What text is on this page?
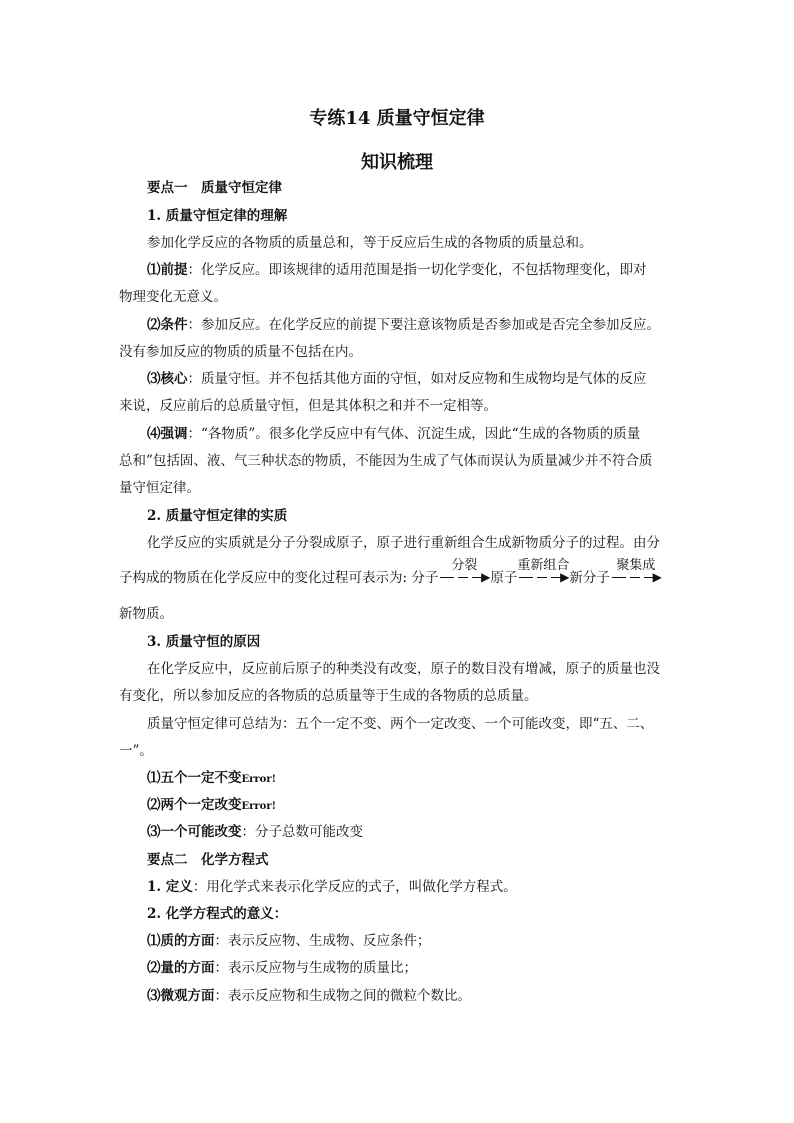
专练14 质量守恒定律
知识梳理
要点一　质量守恒定律
1. 质量守恒定律的理解
参加化学反应的各物质的质量总和，等于反应后生成的各物质的质量总和。
⑴前提：化学反应。即该规律的适用范围是指一切化学变化，不包括物理变化，即对
物理变化无意义。
⑵条件：参加反应。在化学反应的前提下要注意该物质是否参加或是否完全参加反应。
没有参加反应的物质的质量不包括在内。
⑶核心：质量守恒。并不包括其他方面的守恒，如对反应物和生成物均是气体的反应
来说，反应前后的总质量守恒，但是其体积之和并不一定相等。
⑷强调：“各物质”。很多化学反应中有气体、沉淀生成，因此“生成的各物质的质量
总和”包括固、液、气三种状态的物质，不能因为生成了气体而误认为质量减少并不符合质
量守恒定律。
2. 质量守恒定律的实质
化学反应的实质就是分子分裂成原子，原子进行重新组合生成新物质分子的过程。由分
子构成的物质在化学反应中的变化过程可表示为: 分子
分裂
▶ 原子
重新组合
▶ 新分子
聚集成
▶
新物质。
3. 质量守恒的原因
在化学反应中，反应前后原子的种类没有改变，原子的数目没有增减，原子的质量也没
有变化，所以参加反应的各物质的总质量等于生成的各物质的总质量。
质量守恒定律可总结为：五个一定不变、两个一定改变、一个可能改变，即“五、二、
一”。
⑴五个一定不变Error!
⑵两个一定改变Error!
⑶一个可能改变：分子总数可能改变
要点二　化学方程式
1. 定义：用化学式来表示化学反应的式子，叫做化学方程式。
2. 化学方程式的意义：
⑴质的方面：表示反应物、生成物、反应条件；
⑵量的方面：表示反应物与生成物的质量比；
⑶微观方面：表示反应物和生成物之间的微粒个数比。
